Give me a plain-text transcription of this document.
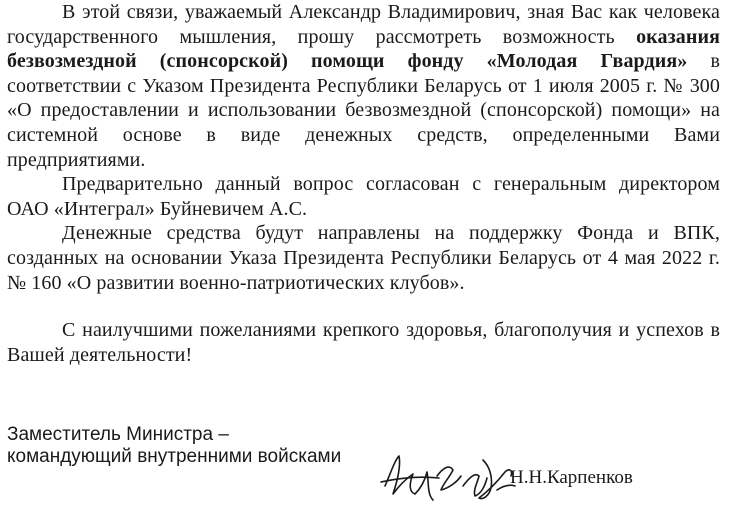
В этой связи, уважаемый Александр Владимирович, зная Вас как человека государственного мышления, прошу рассмотреть возможность оказания безвозмездной (спонсорской) помощи фонду «Молодая Гвардия» в соответствии с Указом Президента Республики Беларусь от 1 июля 2005 г. № 300 «О предоставлении и использовании безвозмездной (спонсорской) помощи» на системной основе в виде денежных средств, определенными Вами предприятиями.

Предварительно данный вопрос согласован с генеральным директором ОАО «Интеграл» Буйневичем А.С.

Денежные средства будут направлены на поддержку Фонда и ВПК, созданных на основании Указа Президента Республики Беларусь от 4 мая 2022 г. № 160 «О развитии военно-патриотических клубов».

С наилучшими пожеланиями крепкого здоровья, благополучия и успехов в Вашей деятельности!

Заместитель Министра –
командующий внутренними войсками
Н.Н.Карпенков
